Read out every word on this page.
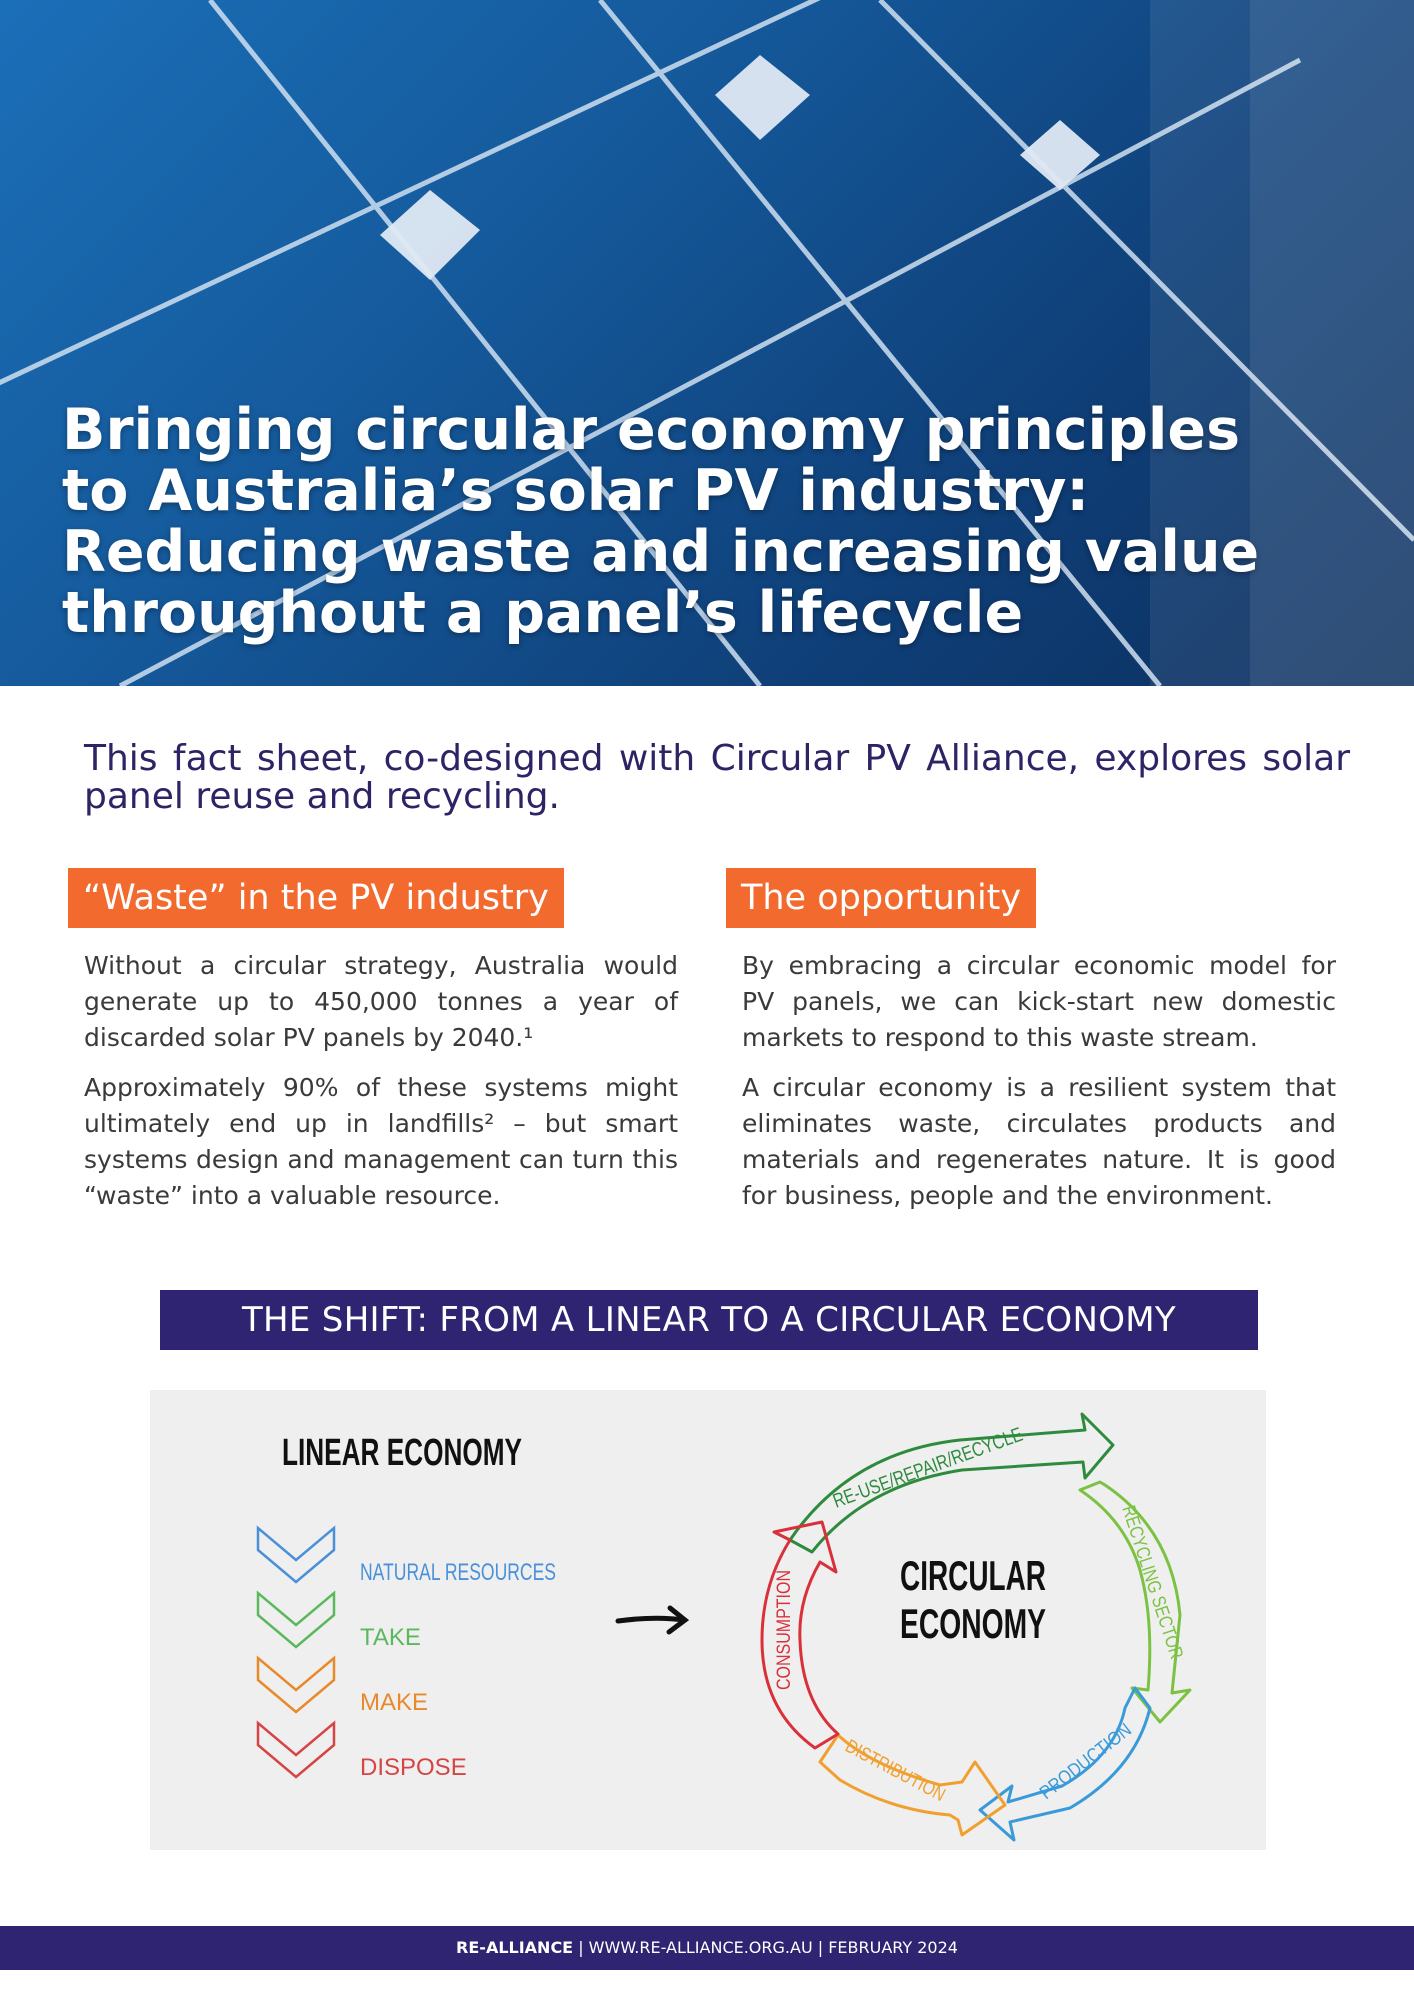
Bringing circular economy principles
to Australia’s solar PV industry:
Reducing waste and increasing value
throughout a panel’s lifecycle

This fact sheet, co-designed with Circular PV Alliance, explores solar panel reuse and recycling.

“Waste” in the PV industry

Without a circular strategy, Australia would generate up to 450,000 tonnes a year of discarded solar PV panels by 2040.¹

Approximately 90% of these systems might ultimately end up in landfills² – but smart systems design and management can turn this “waste” into a valuable resource.

The opportunity

By embracing a circular economic model for PV panels, we can kick-start new domestic markets to respond to this waste stream.

A circular economy is a resilient system that eliminates waste, circulates products and materials and regenerates nature. It is good for business, people and the environment.

THE SHIFT: FROM A LINEAR TO A CIRCULAR ECONOMY
LINEAR ECONOMY
NATURAL RESOURCES
TAKE
MAKE
DISPOSE
RE-USE/REPAIR/RECYCLE
RECYCLING SECTOR
PRODUCTION
DISTRIBUTION
CONSUMPTION	CIRCULAR
ECONOMY
RE-ALLIANCE | WWW.RE-ALLIANCE.ORG.AU | FEBRUARY 2024
